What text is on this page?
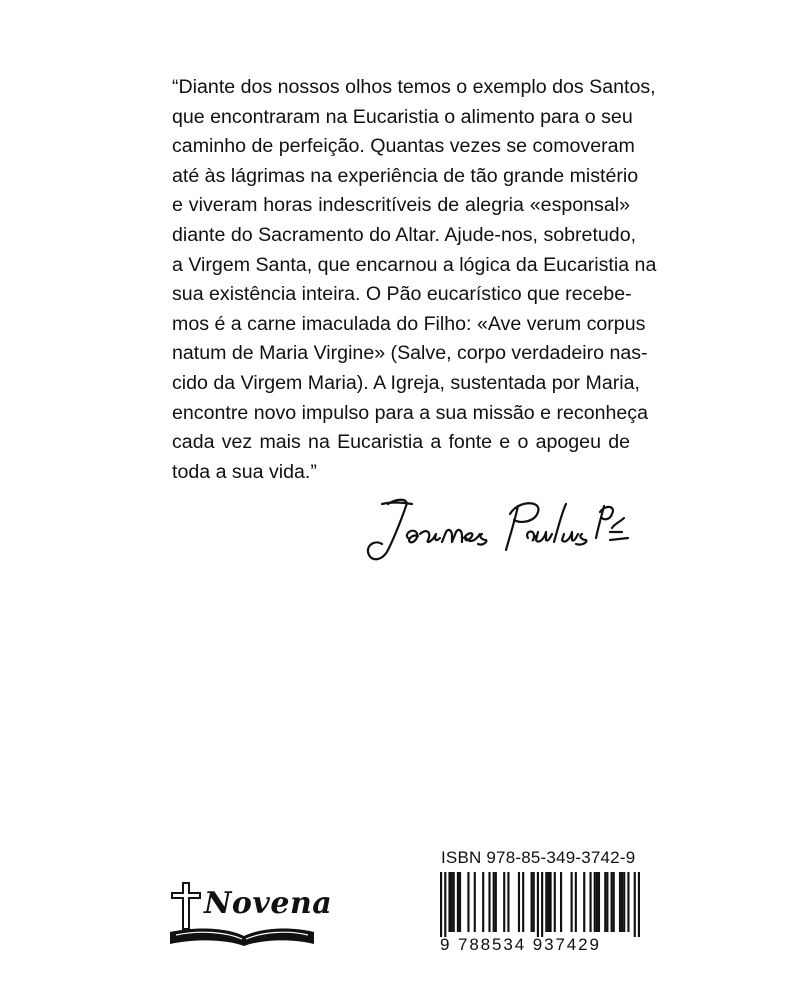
“Diante dos nossos olhos temos o exemplo dos Santos,
que encontraram na Eucaristia o alimento para o seu
caminho de perfeição. Quantas vezes se comoveram
até às lágrimas na experiência de tão grande mistério
e viveram horas indescritíveis de alegria «esponsal»
diante do Sacramento do Altar. Ajude-nos, sobretudo,
a Virgem Santa, que encarnou a lógica da Eucaristia na
sua existência inteira. O Pão eucarístico que recebe-
mos é a carne imaculada do Filho: «Ave verum corpus
natum de Maria Virgine» (Salve, corpo verdadeiro nas-
cido da Virgem Maria). A Igreja, sustentada por Maria,
encontre novo impulso para a sua missão e reconheça
cada vez mais na Eucaristia a fonte e o apogeu de
toda a sua vida.”
Novena
ISBN 978-85-349-3742-9
9 788534 937429
